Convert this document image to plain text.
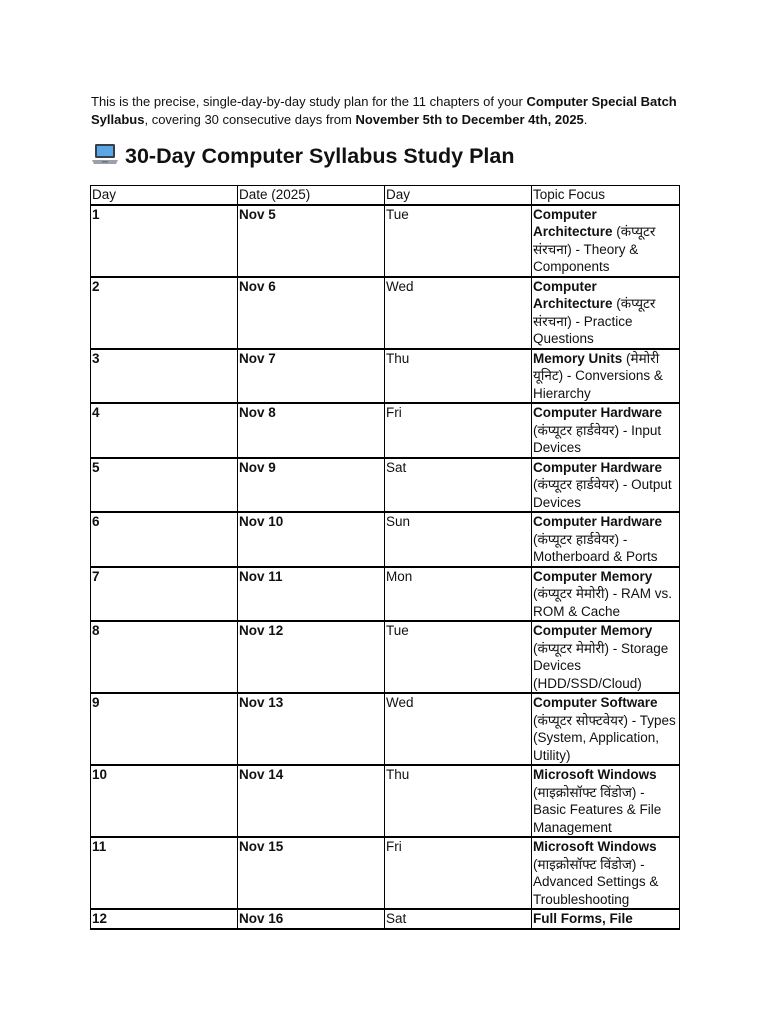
This is the precise, single-day-by-day study plan for the 11 chapters of your Computer Special Batch Syllabus, covering 30 consecutive days from November 5th to December 4th, 2025.

30-Day Computer Syllabus Study Plan
Day	Date (2025)	Day	Topic Focus
1	Nov 5	Tue	Computer Architecture (कंप्यूटर संरचना) - Theory & Components
2	Nov 6	Wed	Computer Architecture (कंप्यूटर संरचना) - Practice Questions
3	Nov 7	Thu	Memory Units (मेमोरी यूनिट) - Conversions & Hierarchy
4	Nov 8	Fri	Computer Hardware (कंप्यूटर हार्डवेयर) - Input Devices
5	Nov 9	Sat	Computer Hardware (कंप्यूटर हार्डवेयर) - Output Devices
6	Nov 10	Sun	Computer Hardware (कंप्यूटर हार्डवेयर) - Motherboard & Ports
7	Nov 11	Mon	Computer Memory (कंप्यूटर मेमोरी) - RAM vs. ROM & Cache
8	Nov 12	Tue	Computer Memory (कंप्यूटर मेमोरी) - Storage Devices (HDD/SSD/Cloud)
9	Nov 13	Wed	Computer Software (कंप्यूटर सोफ्टवेयर) - Types (System, Application, Utility)
10	Nov 14	Thu	Microsoft Windows (माइक्रोसॉफ्ट विंडोज) - Basic Features & File Management
11	Nov 15	Fri	Microsoft Windows (माइक्रोसॉफ्ट विंडोज) - Advanced Settings & Troubleshooting
12	Nov 16	Sat	Full Forms, File
